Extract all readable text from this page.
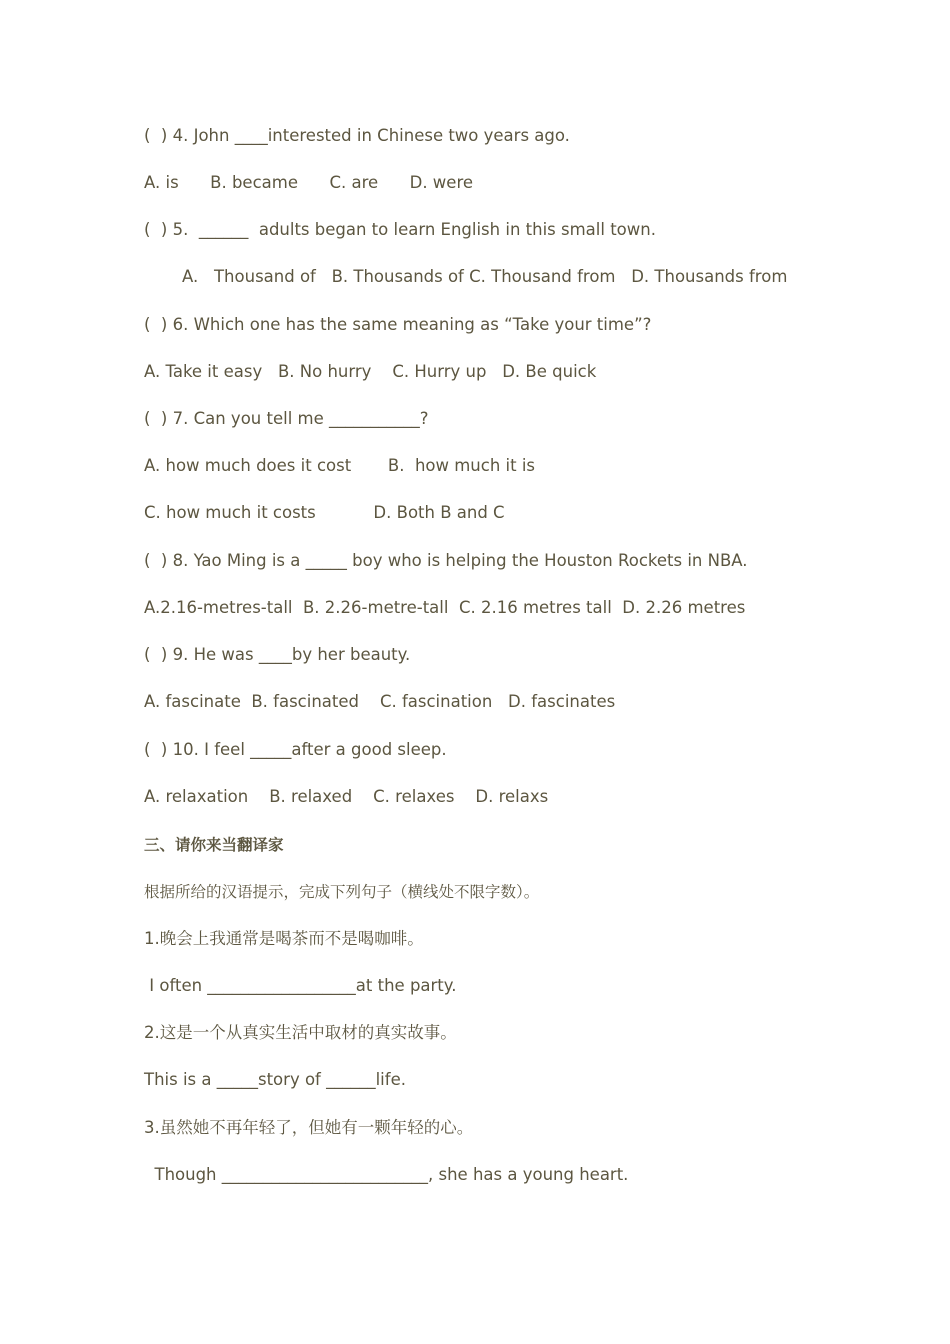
(  ) 4. John ____interested in Chinese two years ago.

A. is      B. became      C. are      D. were

(  ) 5.  ______  adults began to learn English in this small town.

A.   Thousand of   B. Thousands of C. Thousand from   D. Thousands from

(  ) 6. Which one has the same meaning as “Take your time”?

A. Take it easy   B. No hurry    C. Hurry up   D. Be quick

(  ) 7. Can you tell me ___________?

A. how much does it cost       B.  how much it is

C. how much it costs           D. Both B and C

(  ) 8. Yao Ming is a _____ boy who is helping the Houston Rockets in NBA.

A.2.16-metres-tall  B. 2.26-metre-tall  C. 2.16 metres tall  D. 2.26 metres

(  ) 9. He was ____by her beauty.

A. fascinate  B. fascinated    C. fascination   D. fascinates

(  ) 10. I feel _____after a good sleep.

A. relaxation    B. relaxed    C. relaxes    D. relaxs

三、请你来当翻译家

根据所给的汉语提示，完成下列句子（横线处不限字数）。

1.晚会上我通常是喝茶而不是喝咖啡。

I often __________________at the party.

2.这是一个从真实生活中取材的真实故事。

This is a _____story of ______life.

3.虽然她不再年轻了，但她有一颗年轻的心。

Though _________________________, she has a young heart.
